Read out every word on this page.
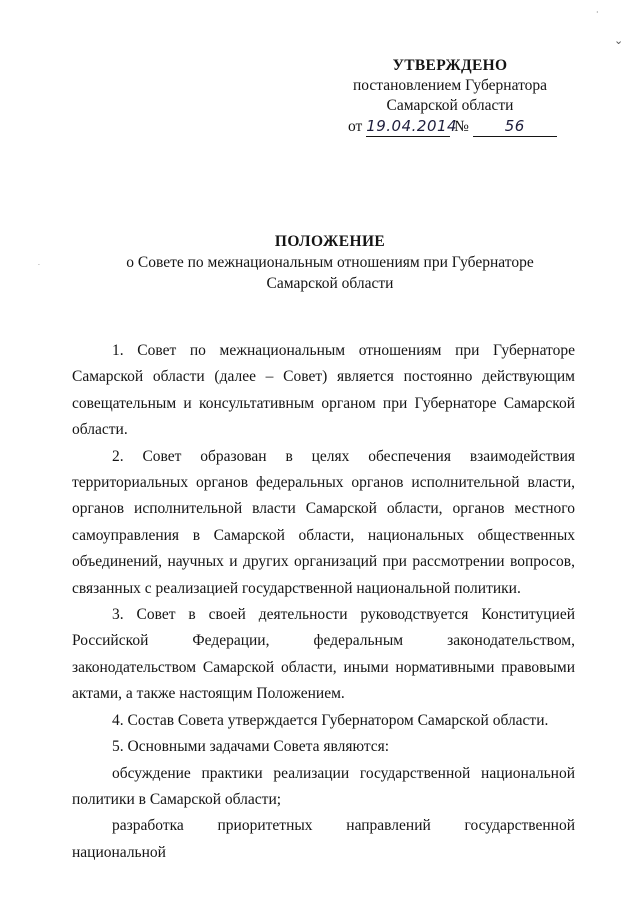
·
⌄
·
УТВЕРЖДЕНО
постановлением Губернатора
Самарской области
от 19.04.2014 № 56
ПОЛОЖЕНИЕ
о Совете по межнациональным отношениям при Губернаторе
Самарской области

1. Совет по межнациональным отношениям при Губернаторе Самарской области (далее – Совет) является постоянно действующим совещательным и консультативным органом при Губернаторе Самарской области.

2. Совет образован в целях обеспечения взаимодействия территориальных органов федеральных органов исполнительной власти, органов исполнительной власти Самарской области, органов местного самоуправления в Самарской области, национальных общественных объединений, научных и других организаций при рассмотрении вопросов, связанных с реализацией государственной национальной политики.

3. Совет в своей деятельности руководствуется Конституцией Российской Федерации, федеральным законодательством, законодательством Самарской области, иными нормативными правовыми актами, а также настоящим Положением.

4. Состав Совета утверждается Губернатором Самарской области.

5. Основными задачами Совета являются:

обсуждение практики реализации государственной национальной политики в Самарской области;

разработка приоритетных направлений государственной национальной
